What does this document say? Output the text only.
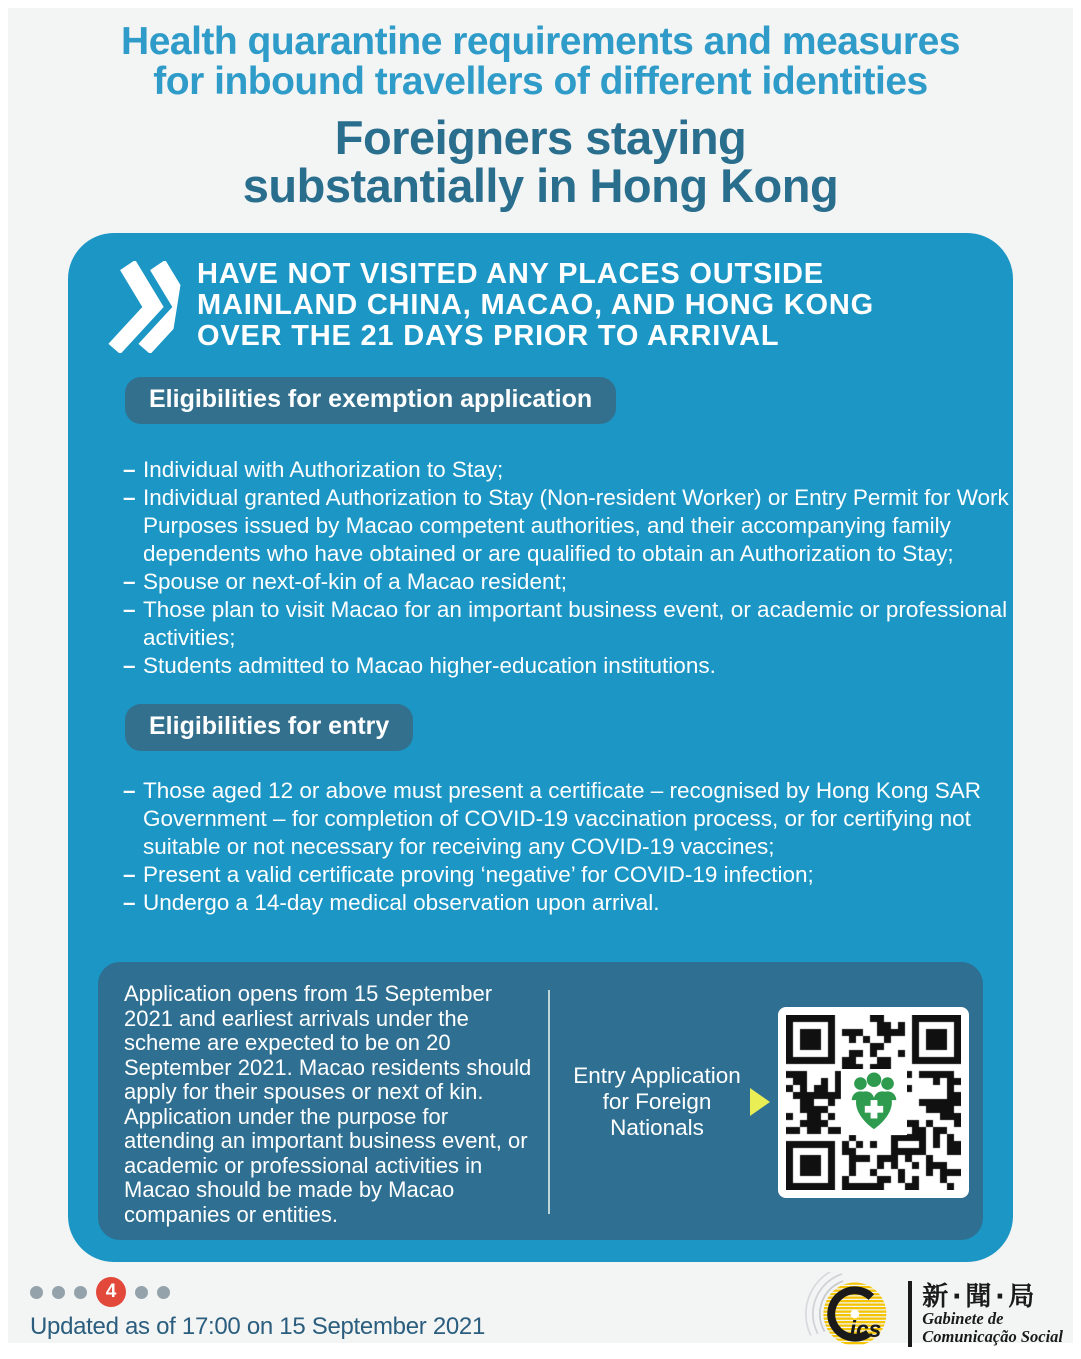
Health quarantine requirements and measures
for inbound travellers of different identities
Foreigners staying
substantially in Hong Kong
HAVE NOT VISITED ANY PLACES OUTSIDE
MAINLAND CHINA, MACAO, AND HONG KONG
OVER THE 21 DAYS PRIOR TO ARRIVAL
Eligibilities for exemption application
– Individual with Authorization to Stay;
– Individual granted Authorization to Stay (Non-resident Worker) or Entry Permit for Work Purposes issued by Macao competent authorities, and their accompanying family dependents who have obtained or are qualified to obtain an Authorization to Stay;
– Spouse or next-of-kin of a Macao resident;
– Those plan to visit Macao for an important business event, or academic or professional activities;
– Students admitted to Macao higher-education institutions.
Eligibilities for entry
– Those aged 12 or above must present a certificate – recognised by Hong Kong SAR Government – for completion of COVID-19 vaccination process, or for certifying not suitable or not necessary for receiving any COVID-19 vaccines;
– Present a valid certificate proving ‘negative’ for COVID-19 infection;
– Undergo a 14-day medical observation upon arrival.
Application opens from 15 September 2021 and earliest arrivals under the scheme are expected to be on 20 September 2021. Macao residents should apply for their spouses or next of kin. Application under the purpose for attending an important business event, or academic or professional activities in Macao should be made by Macao companies or entities.
Entry Application for Foreign Nationals
4
Updated as of 17:00 on 15 September 2021	ics
新‧聞‧局
Gabinete de
Comunicação Social
